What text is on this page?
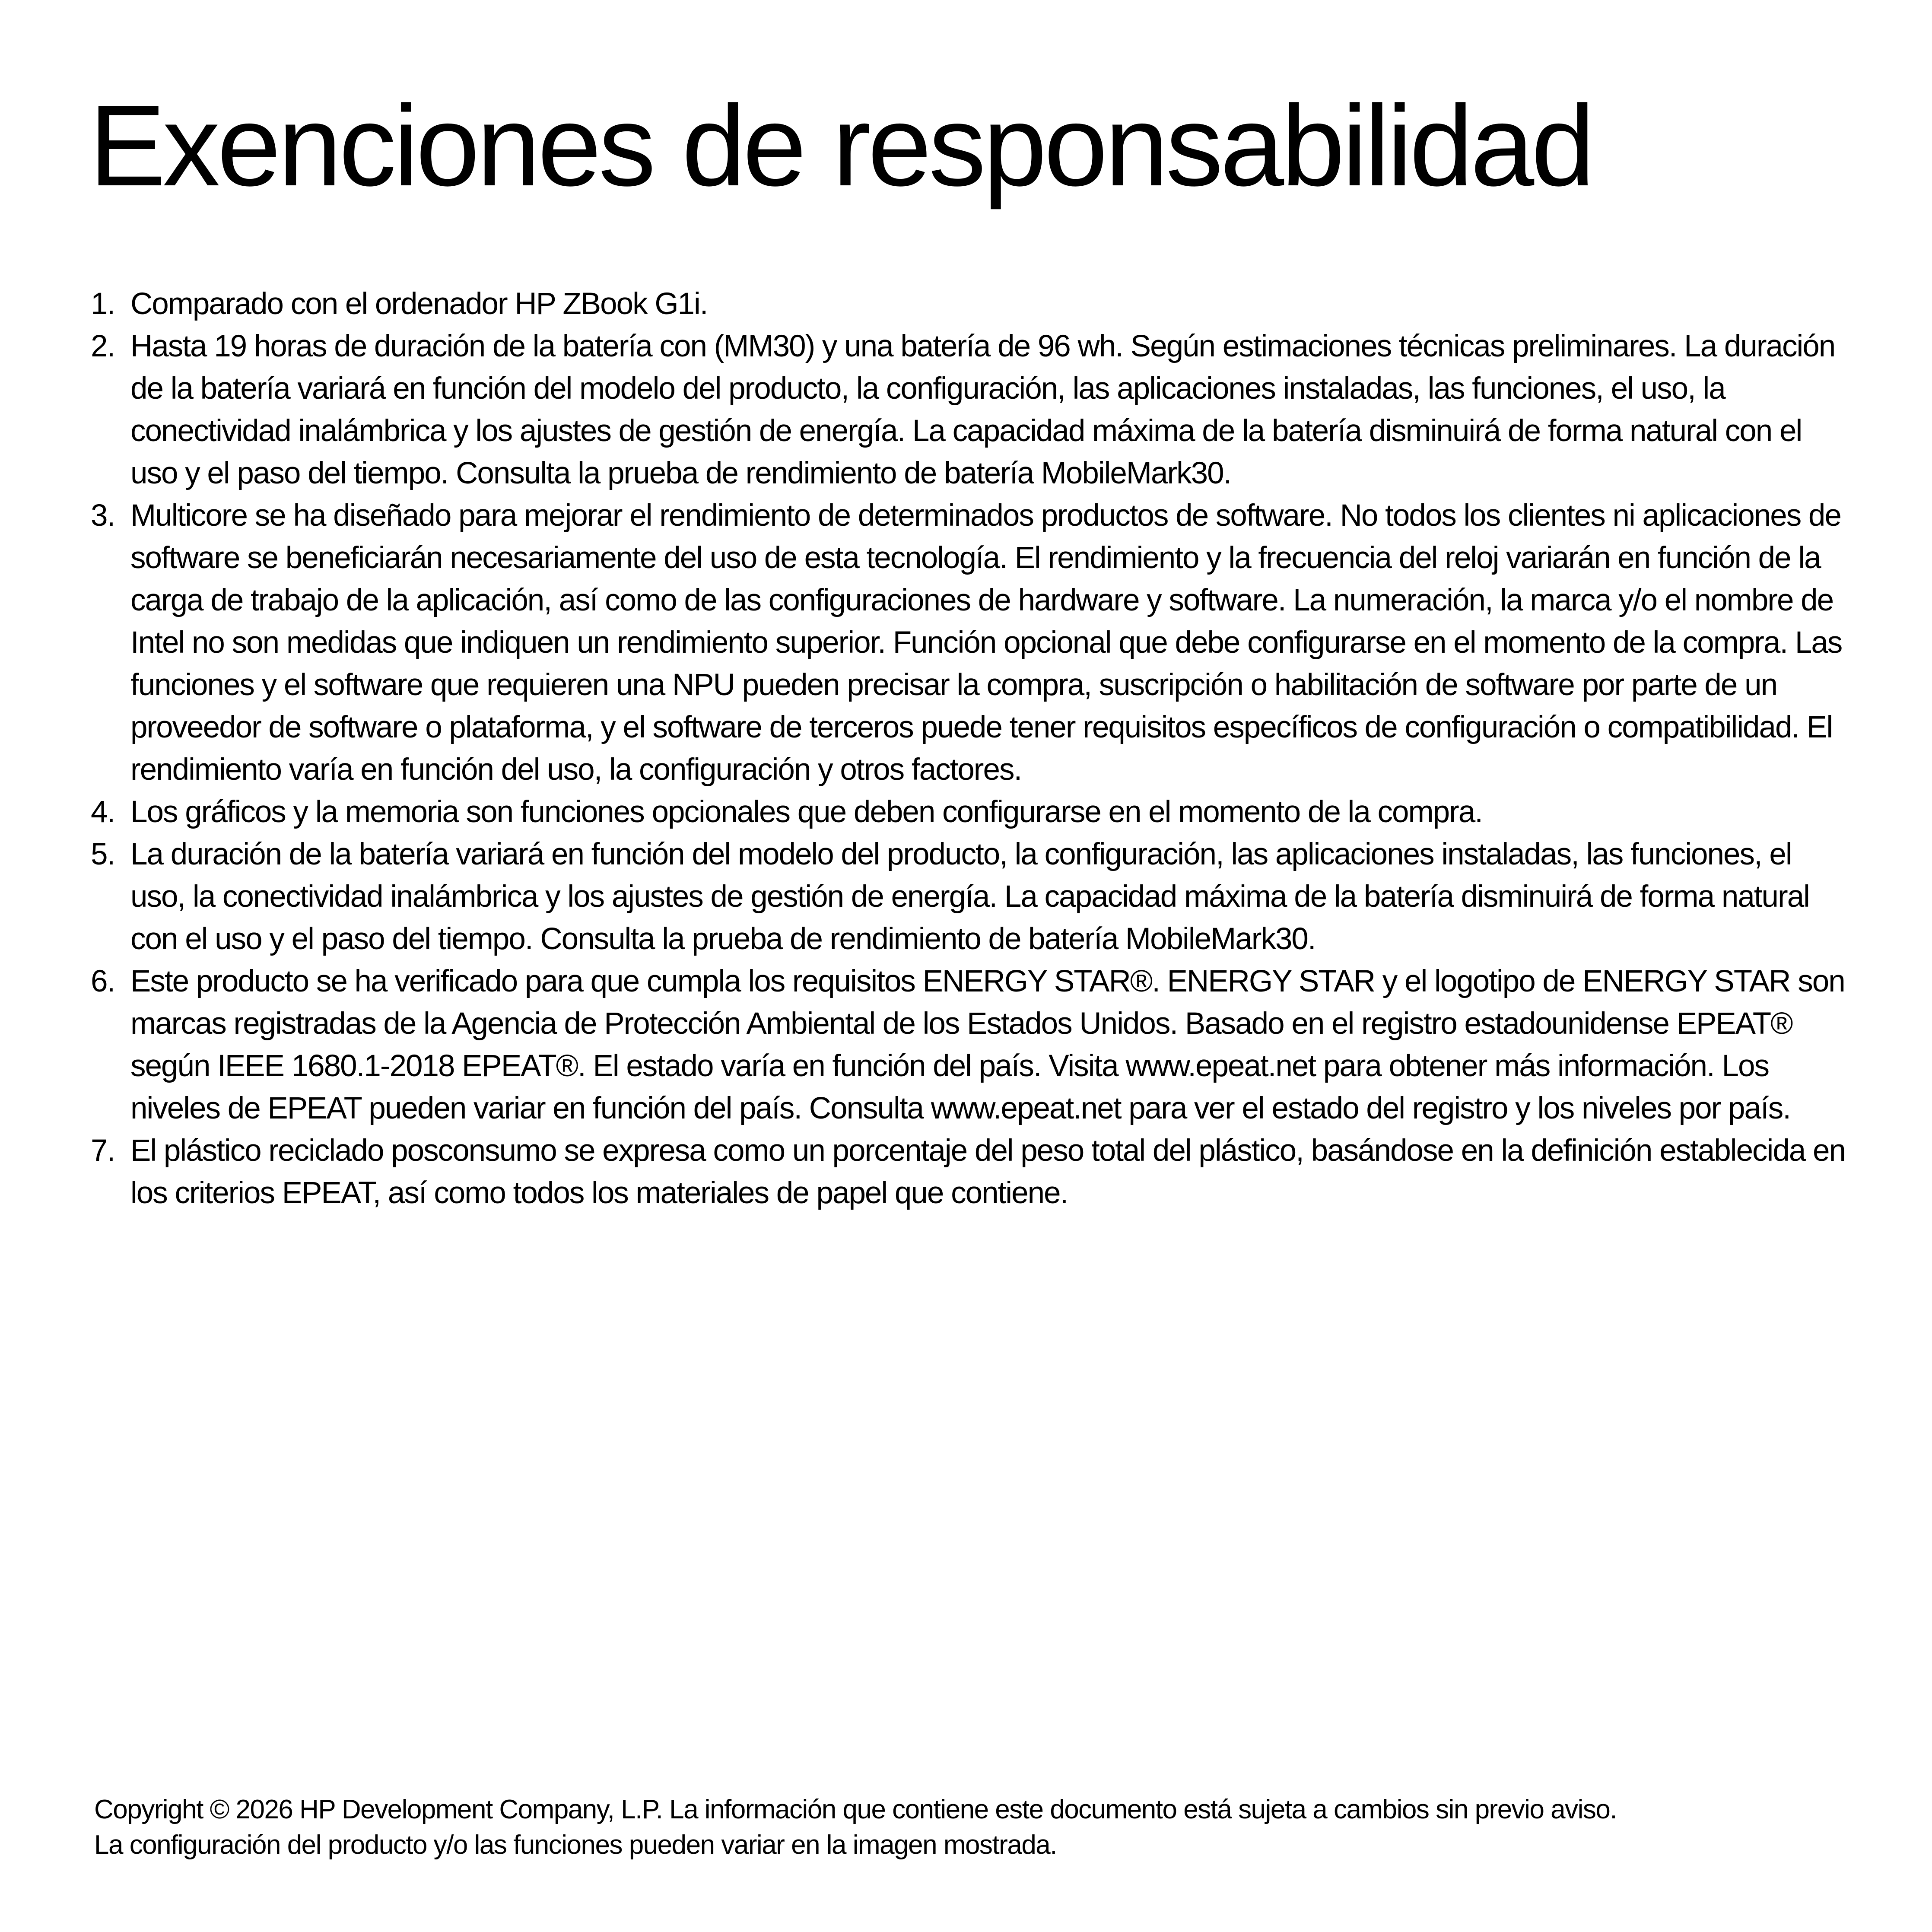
Exenciones de responsabilidad
1. Comparado con el ordenador HP ZBook G1i.
2. Hasta 19 horas de duración de la batería con (MM30) y una batería de 96 wh. Según estimaciones técnicas preliminares. La duración de la batería variará en función del modelo del producto, la configuración, las aplicaciones instaladas, las funciones, el uso, la conectividad inalámbrica y los ajustes de gestión de energía. La capacidad máxima de la batería disminuirá de forma natural con el uso y el paso del tiempo. Consulta la prueba de rendimiento de batería MobileMark30.
3. Multicore se ha diseñado para mejorar el rendimiento de determinados productos de software. No todos los clientes ni aplicaciones de software se beneficiarán necesariamente del uso de esta tecnología. El rendimiento y la frecuencia del reloj variarán en función de la carga de trabajo de la aplicación, así como de las configuraciones de hardware y software. La numeración, la marca y/o el nombre de Intel no son medidas que indiquen un rendimiento superior. Función opcional que debe configurarse en el momento de la compra. Las funciones y el software que requieren una NPU pueden precisar la compra, suscripción o habilitación de software por parte de un proveedor de software o plataforma, y el software de terceros puede tener requisitos específicos de configuración o compatibilidad. El rendimiento varía en función del uso, la configuración y otros factores.
4. Los gráficos y la memoria son funciones opcionales que deben configurarse en el momento de la compra.
5. La duración de la batería variará en función del modelo del producto, la configuración, las aplicaciones instaladas, las funciones, el uso, la conectividad inalámbrica y los ajustes de gestión de energía. La capacidad máxima de la batería disminuirá de forma natural con el uso y el paso del tiempo. Consulta la prueba de rendimiento de batería MobileMark30.
6. Este producto se ha verificado para que cumpla los requisitos ENERGY STAR®. ENERGY STAR y el logotipo de ENERGY STAR son marcas registradas de la Agencia de Protección Ambiental de los Estados Unidos. Basado en el registro estadounidense EPEAT® según IEEE 1680.1-2018 EPEAT®. El estado varía en función del país. Visita www.epeat.net para obtener más información. Los niveles de EPEAT pueden variar en función del país. Consulta www.epeat.net para ver el estado del registro y los niveles por país.
7. El plástico reciclado posconsumo se expresa como un porcentaje del peso total del plástico, basándose en la definición establecida en los criterios EPEAT, así como todos los materiales de papel que contiene.
Copyright © 2026 HP Development Company, L.P. La información que contiene este documento está sujeta a cambios sin previo aviso.
La configuración del producto y/o las funciones pueden variar en la imagen mostrada.
